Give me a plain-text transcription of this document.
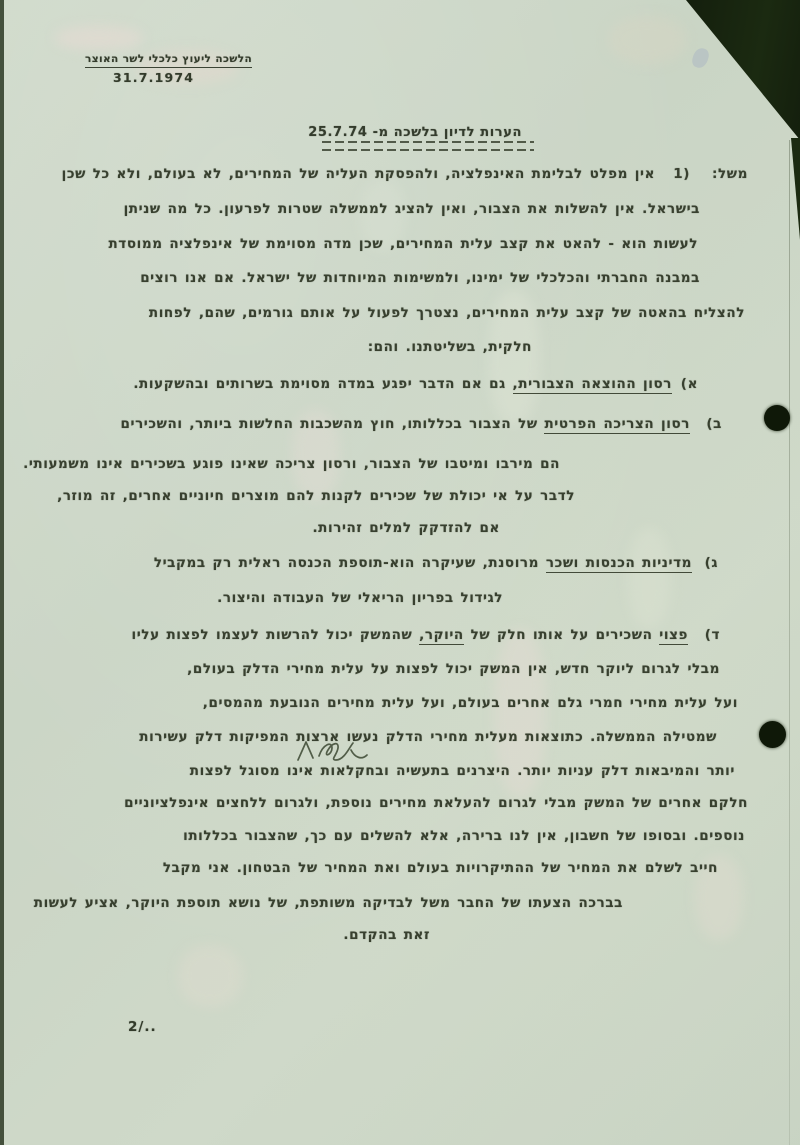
הלשכה ליעוץ כלכלי לשר האוצר
31.7.1974
הערות לדיון בלשכה מ- 25.7.74
משל:
1)
אין מפלט לבלימת האינפלציה, ולהפסקת העליה של המחירים, לא בעולם, ולא כל שכן
בישראל. אין להשלות את הצבור, ואין להציג לממשלה שטרות לפרעון. כל מה שניתן
לעשות הוא - להאט את קצב עלית המחירים, שכן מדה מסוימת של אינפלציה ממוסדת
במבנה החברתי והכלכלי של ימינו, ולמשימות המיוחדות של ישראל. אם אנו רוצים
להצליח בהאטה של קצב עלית המחירים, נצטרך לפעול על אותם גורמים, שהם, לפחות
חלקית, בשליטתנו. והם:
א)
רסון ההוצאה הצבורית, גם אם הדבר יפגע במדה מסוימת בשרותים ובהשקעות.
ב)
רסון הצריכה הפרטית של הצבור בכללותו, חוץ מהשכבות החלשות ביותר, והשכירים
הם מירבו ומיטבו של הצבור, ורסון צריכה שאינו פוגע בשכירים אינו משמעותי.
לדבר על אי יכולת של שכירים לקנות להם מוצרים חיוניים אחרים, זה מוזר,
אם להזדקק למלים זהירות.
ג)
מדיניות הכנסות ושכר מרוסנת, שעיקרה הוא-תוספת הכנסה ראלית רק במקביל
לגידול בפריון הריאלי של העבודה והיצור.
ד)
פצוי השכירים על אותו חלק של היוקר, שהמשק יכול להרשות לעצמו לפצות עליו
מבלי לגרום ליוקר חדש, אין המשק יכול לפצות על עלית מחירי הדלק בעולם,
ועל עלית מחירי חמרי גלם אחרים בעולם, ועל עלית מחירים הנובעת מהמסים,
שמטילה הממשלה. כתוצאות מעלית מחירי הדלק נעשו ארצות המפיקות דלק עשירות
יותר והמיבאות דלק עניות יותר. היצרנים בתעשיה ובחקלאות אינו מסוגל לפצות
חלקם אחרים של המשק מבלי לגרום להעלאת מחירים נוספת, ולגרום ללחצים אינפלציוניים
נוספים. ובסופו של חשבון, אין לנו ברירה, אלא להשלים עם כך, שהצבור בכללותו
חייב לשלם את המחיר של ההתיקרויות בעולם ואת המחיר של הבטחון. אני מקבל
בברכה הצעתו של החבר משל לבדיקה משותפת, של נושא תוספת היוקר, אציע לעשות
זאת בהקדם.
2/..
